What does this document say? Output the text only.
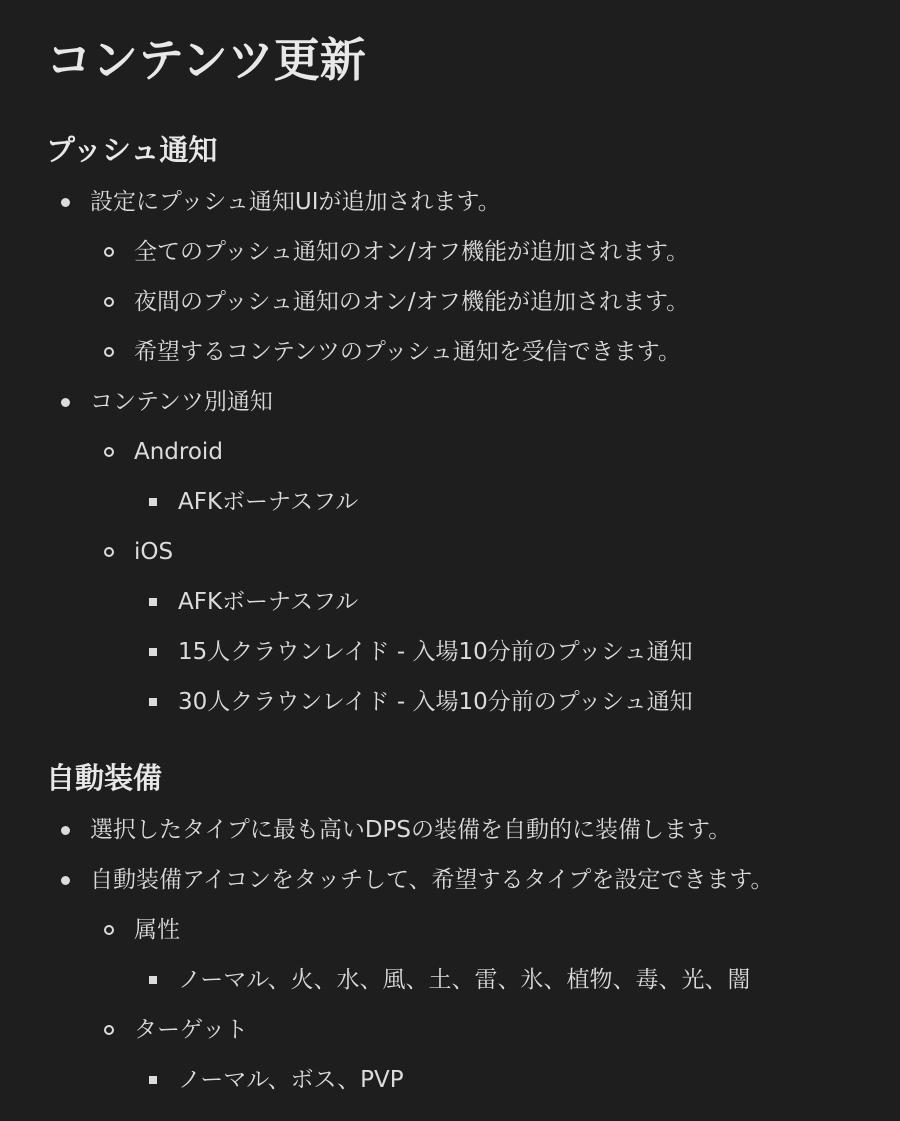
コンテンツ更新
プッシュ通知
設定にプッシュ通知UIが追加されます。
全てのプッシュ通知のオン/オフ機能が追加されます。
夜間のプッシュ通知のオン/オフ機能が追加されます。
希望するコンテンツのプッシュ通知を受信できます。
コンテンツ別通知
Android
AFKボーナスフル
iOS
AFKボーナスフル
15人クラウンレイド - 入場10分前のプッシュ通知
30人クラウンレイド - 入場10分前のプッシュ通知
自動装備
選択したタイプに最も高いDPSの装備を自動的に装備します。
自動装備アイコンをタッチして、希望するタイプを設定できます。
属性
ノーマル、火、水、風、土、雷、氷、植物、毒、光、闇
ターゲット
ノーマル、ボス、PVP
